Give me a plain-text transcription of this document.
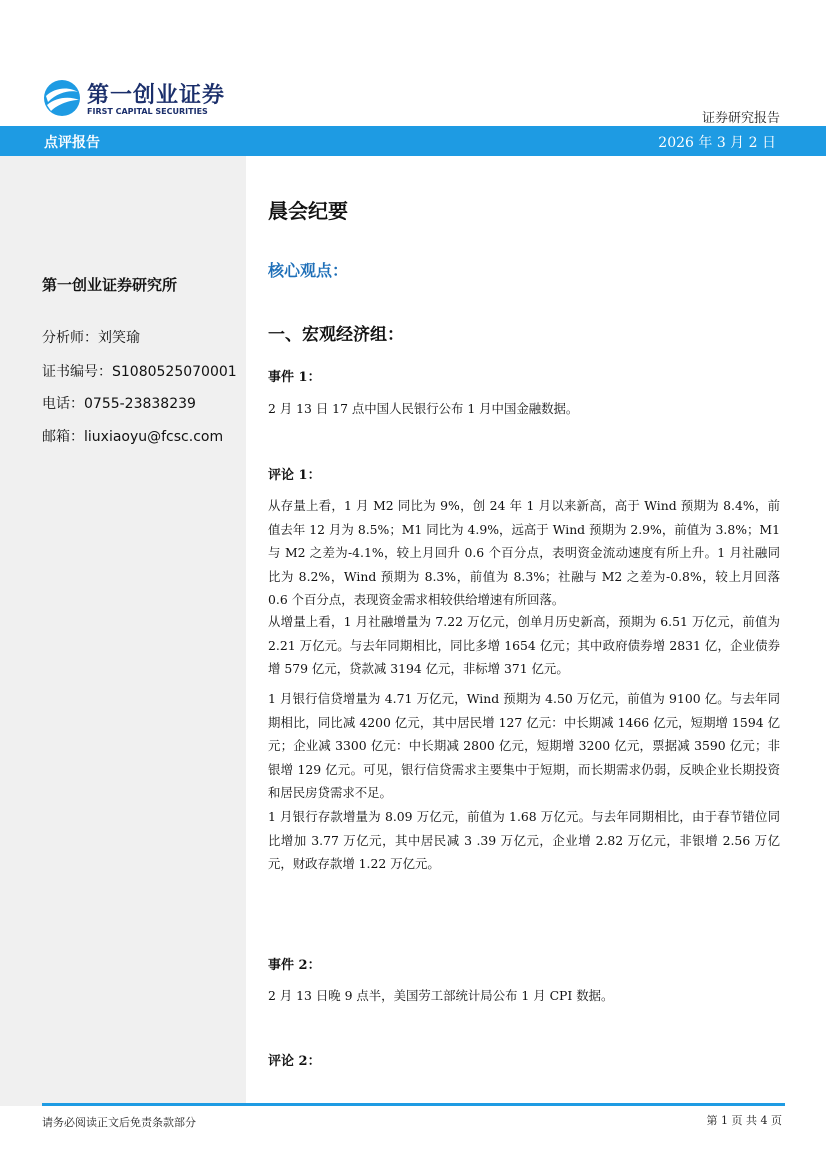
第一创业证券
FIRST CAPITAL SECURITIES	证券研究报告
点评报告	2026 年 3 月 2 日
第一创业证券研究所
分析师：刘笑瑜
证书编号：S1080525070001
电话：0755-23838239
邮箱：liuxiaoyu@fcsc.com
晨会纪要
核心观点：
一、宏观经济组：
事件 1：
2 月 13 日 17 点中国人民银行公布 1 月中国金融数据。
评论 1：
从存量上看，1 月 M2 同比为 9%，创 24 年 1 月以来新高，高于 Wind 预期为 8.4%，前值去年 12 月为 8.5%；M1 同比为 4.9%，远高于 Wind 预期为 2.9%，前值为 3.8%；M1 与 M2 之差为-4.1%，较上月回升 0.6 个百分点，表明资金流动速度有所上升。1 月社融同比为 8.2%，Wind 预期为 8.3%，前值为 8.3%；社融与 M2 之差为-0.8%，较上月回落 0.6 个百分点，表现资金需求相较供给增速有所回落。
从增量上看，1 月社融增量为 7.22 万亿元，创单月历史新高，预期为 6.51 万亿元，前值为 2.21 万亿元。与去年同期相比，同比多增 1654 亿元；其中政府债券增 2831 亿，企业债券增 579 亿元，贷款减 3194 亿元，非标增 371 亿元。
1 月银行信贷增量为 4.71 万亿元，Wind 预期为 4.50 万亿元，前值为 9100 亿。与去年同期相比，同比减 4200 亿元，其中居民增 127 亿元：中长期减 1466 亿元，短期增 1594 亿元；企业减 3300 亿元：中长期减 2800 亿元，短期增 3200 亿元，票据减 3590 亿元；非银增 129 亿元。可见，银行信贷需求主要集中于短期，而长期需求仍弱，反映企业长期投资和居民房贷需求不足。
1 月银行存款增量为 8.09 万亿元，前值为 1.68 万亿元。与去年同期相比，由于春节错位同比增加 3.77 万亿元，其中居民减 3 .39 万亿元，企业增 2.82 万亿元，非银增 2.56 万亿元，财政存款增 1.22 万亿元。
事件 2：
2 月 13 日晚 9 点半，美国劳工部统计局公布 1 月 CPI 数据。
评论 2：
请务必阅读正文后免责条款部分	第 1 页 共 4 页
